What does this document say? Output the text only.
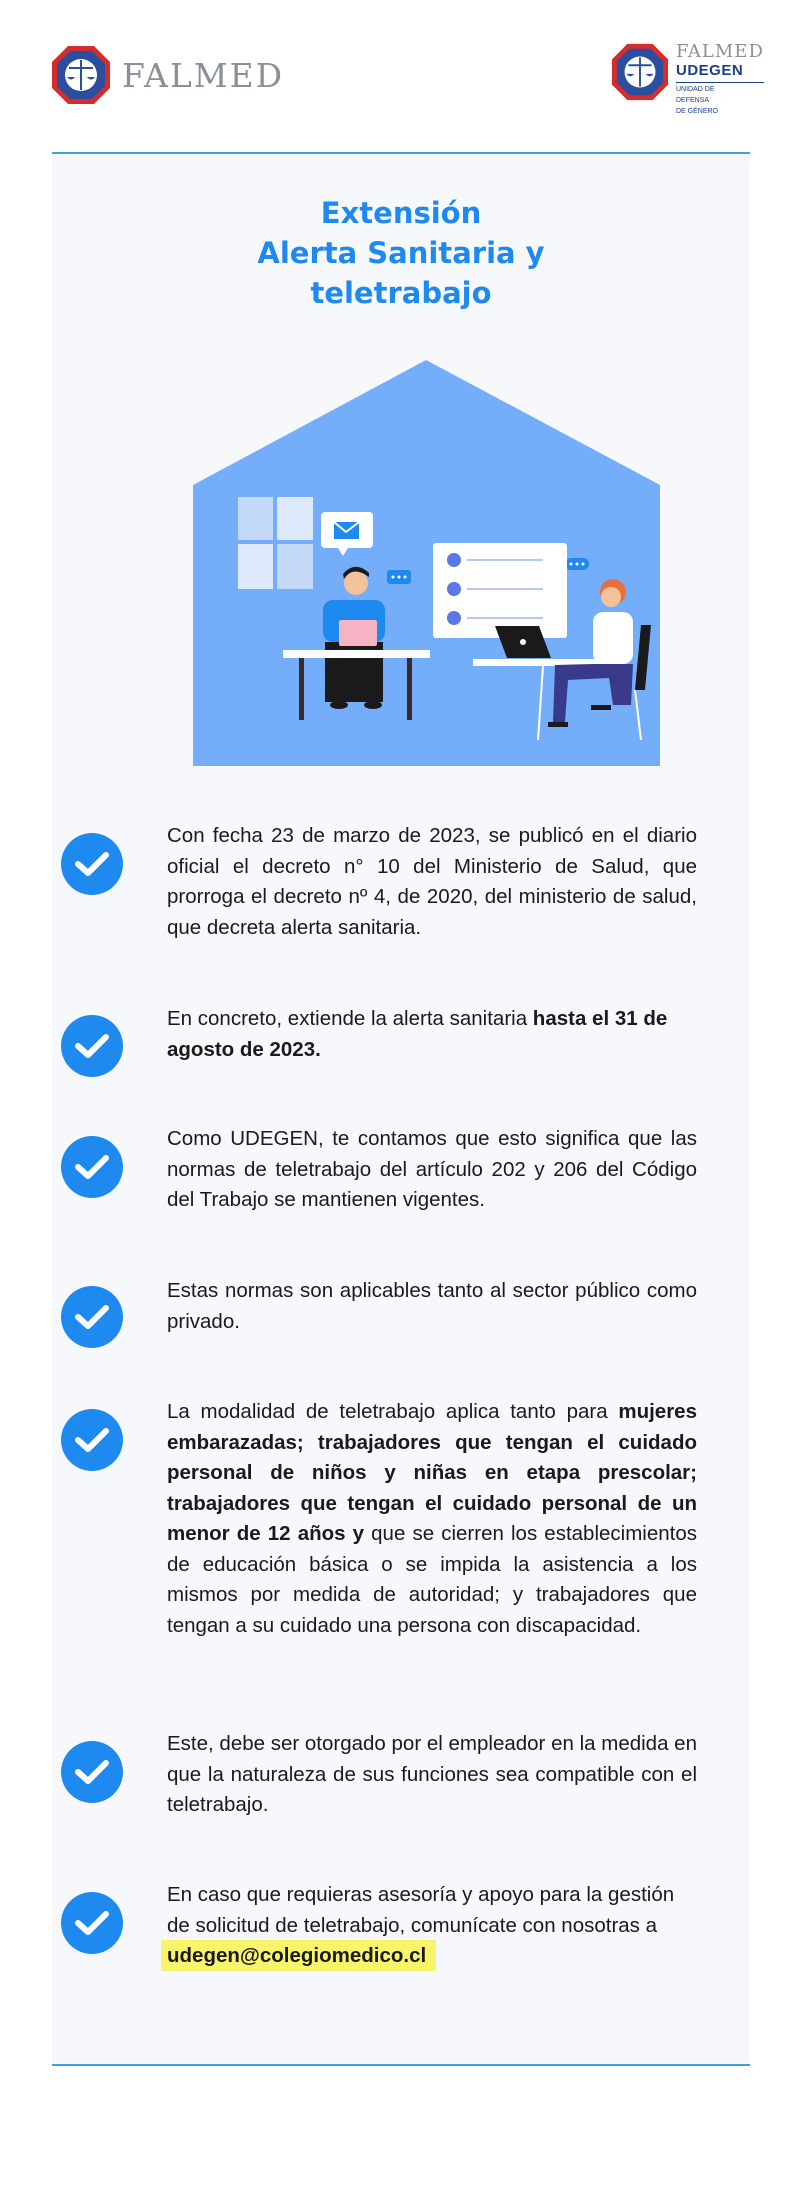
FALMED
FALMED
UDEGEN
UNIDAD DE
DEFENSA
DE GÉNERO
Extensión
Alerta Sanitaria y
teletrabajo
Con fecha 23 de marzo de 2023, se publicó en el diario oficial el decreto n° 10 del Ministerio de Salud, que prorroga el decreto nº 4, de 2020, del ministerio de salud, que decreta alerta sanitaria.
En concreto, extiende la alerta sanitaria hasta el 31 de agosto de 2023.
Como UDEGEN, te contamos que esto significa que las normas de teletrabajo del artículo 202 y 206 del Código del Trabajo se mantienen vigentes.
Estas normas son aplicables tanto al sector público como privado.
La modalidad de teletrabajo aplica tanto para mujeres embarazadas; trabajadores que tengan el cuidado personal de niños y niñas en etapa prescolar; trabajadores que tengan el cuidado personal de un menor de 12 años y que se cierren los establecimientos de educación básica o se impida la asistencia a los mismos por medida de autoridad; y trabajadores que tengan a su cuidado una persona con discapacidad.
Este, debe ser otorgado por el empleador en la medida en que la naturaleza de sus funciones sea compatible con el teletrabajo.
En caso que requieras asesoría y apoyo para la gestión de solicitud de teletrabajo, comunícate con nosotras a
udegen@colegiomedico.cl
